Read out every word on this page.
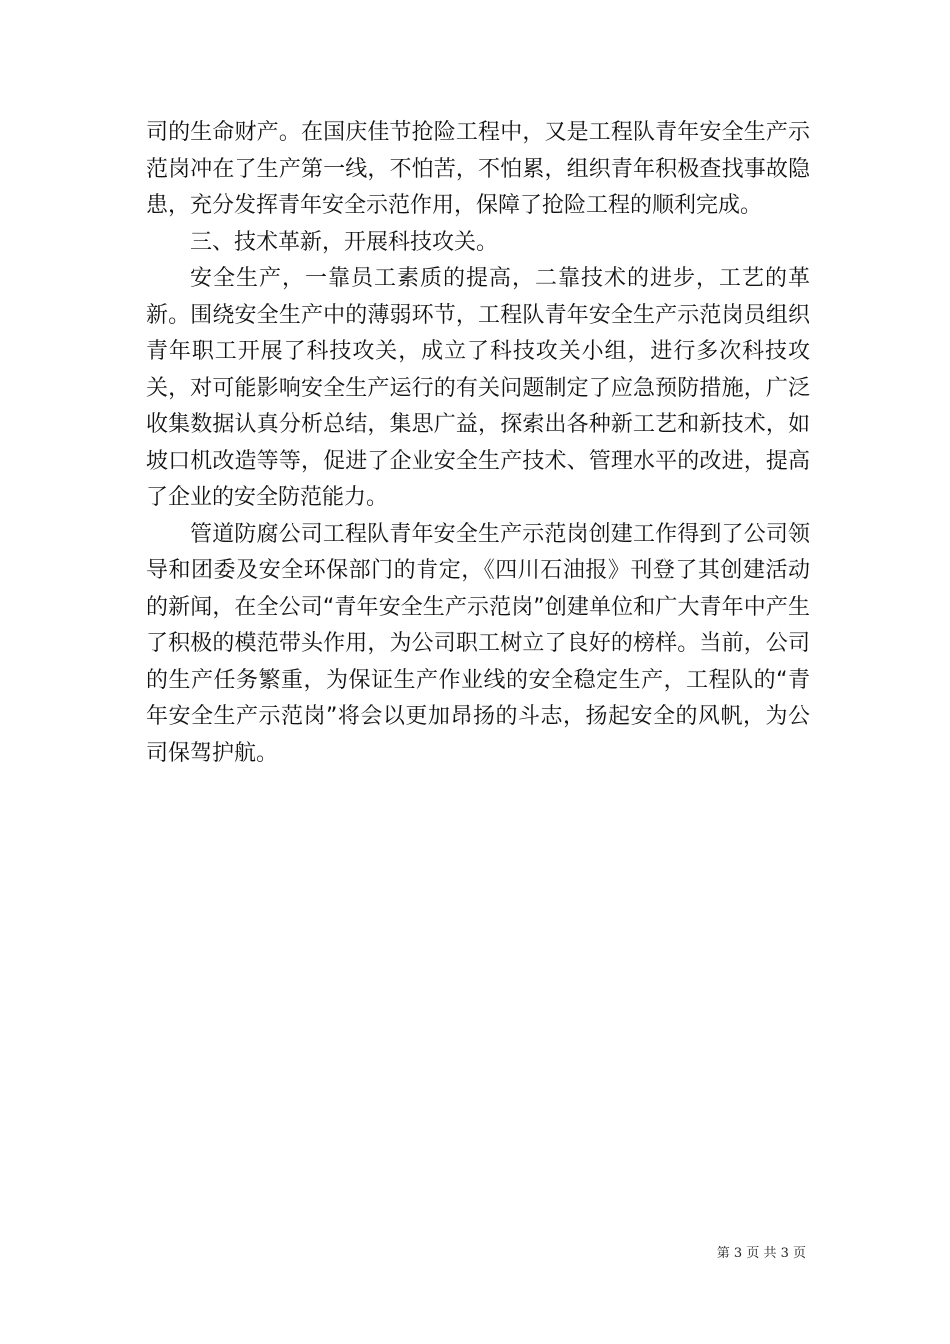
司的生命财产。在国庆佳节抢险工程中，又是工程队青年安全生产示范岗冲在了生产第一线，不怕苦，不怕累，组织青年积极查找事故隐患，充分发挥青年安全示范作用，保障了抢险工程的顺利完成。

三、技术革新，开展科技攻关。

安全生产，一靠员工素质的提高，二靠技术的进步，工艺的革新。围绕安全生产中的薄弱环节，工程队青年安全生产示范岗员组织青年职工开展了科技攻关，成立了科技攻关小组，进行多次科技攻关，对可能影响安全生产运行的有关问题制定了应急预防措施，广泛收集数据认真分析总结，集思广益，探索出各种新工艺和新技术，如坡口机改造等等，促进了企业安全生产技术、管理水平的改进，提高了企业的安全防范能力。

管道防腐公司工程队青年安全生产示范岗创建工作得到了公司领导和团委及安全环保部门的肯定，《四川石油报》刊登了其创建活动的新闻，在全公司“青年安全生产示范岗”创建单位和广大青年中产生了积极的模范带头作用，为公司职工树立了良好的榜样。当前，公司的生产任务繁重，为保证生产作业线的安全稳定生产，工程队的“青年安全生产示范岗”将会以更加昂扬的斗志，扬起安全的风帆，为公司保驾护航。

第 3 页 共 3 页
